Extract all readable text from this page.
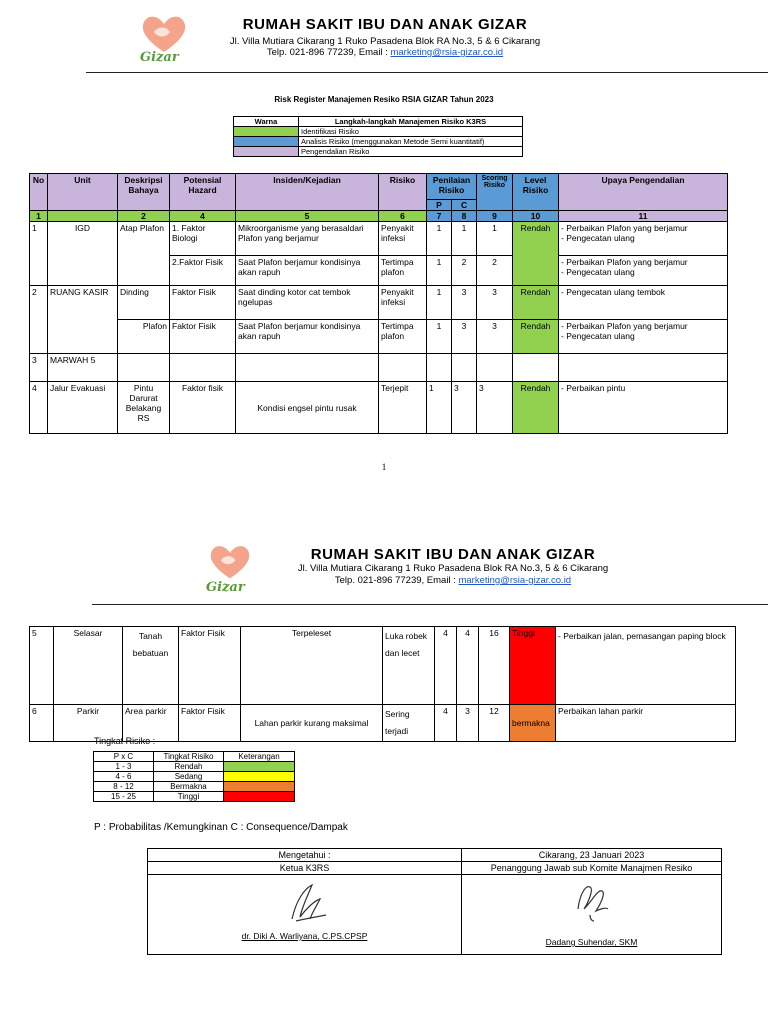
Gizar
RUMAH SAKIT IBU DAN ANAK GIZAR
Jl. Villa Mutiara Cikarang 1 Ruko Pasadena Blok RA No.3, 5 & 6 Cikarang
Telp. 021-896 77239, Email : marketing@rsia-gizar.co.id
Risk Register Manajemen Resiko RSIA GIZAR Tahun 2023
Warna	Langkah-langkah Manajemen Risiko K3RS
	Identifikasi Risiko
	Analisis Risiko (menggunakan Metode Semi kuantitatif)
	Pengendalian Risiko
No	Unit	Deskripsi Bahaya	Potensial Hazard	Insiden/Kejadian	Risiko	Penilaian Risiko		Scoring Risiko	Level Risiko	Upaya Pengendalian
						P	C			
1		2	4	5	6	7	8	9	10	11
1	IGD	Atap Plafon	1. Faktor Biologi	Mikroorganisme yang berasaldari Plafon yang berjamur	Penyakit infeksi	1	1	1	Rendah	- Perbaikan Plafon yang berjamur
- Pengecatan ulang
			2.Faktor Fisik	Saat Plafon berjamur kondisinya akan rapuh	Tertimpa plafon	1	2	2		- Perbaikan Plafon yang berjamur
- Pengecatan ulang
2	RUANG KASIR	Dinding	Faktor Fisik	Saat dinding kotor cat tembok ngelupas	Penyakit infeksi	1	3	3	Rendah	- Pengecatan ulang tembok
		Plafon	Faktor Fisik	Saat Plafon berjamur kondisinya akan rapuh	Tertimpa plafon	1	3	3	Rendah	- Perbaikan Plafon yang berjamur
- Pengecatan ulang
3	MARWAH 5									
4	Jalur Evakuasi	Pintu Darurat Belakang RS	Faktor fisik	Kondisi engsel pintu rusak	Terjepit	1	3	3	Rendah	- Perbaikan pintu
1
Gizar
RUMAH SAKIT IBU DAN ANAK GIZAR
Jl. Villa Mutiara Cikarang 1 Ruko Pasadena Blok RA No.3, 5 & 6 Cikarang
Telp. 021-896 77239, Email : marketing@rsia-gizar.co.id
5	Selasar	Tanah bebatuan	Faktor Fisik	Terpeleset	Luka robek dan lecet	4	4	16	Tinggi	- Perbaikan jalan, pemasangan paping block
6	Parkir	Area parkir	Faktor Fisik	Lahan parkir kurang maksimal	Sering terjadi	4	3	12	bermakna	Perbaikan lahan parkir
Tingkat Risiko :
P x C	Tingkat Risiko	Keterangan
1 - 3	Rendah	
4 - 6	Sedang	
8 - 12	Bermakna	
15 - 25	Tinggi	
P : Probabilitas /Kemungkinan C : Consequence/Dampak
Mengetahui :	Cikarang, 23 Januari 2023
Ketua K3RS	Penanggung Jawab sub Komite Manajmen Resiko

dr. Diki A. Warliyana, C.PS.CPSP	Dadang Suhendar, SKM
